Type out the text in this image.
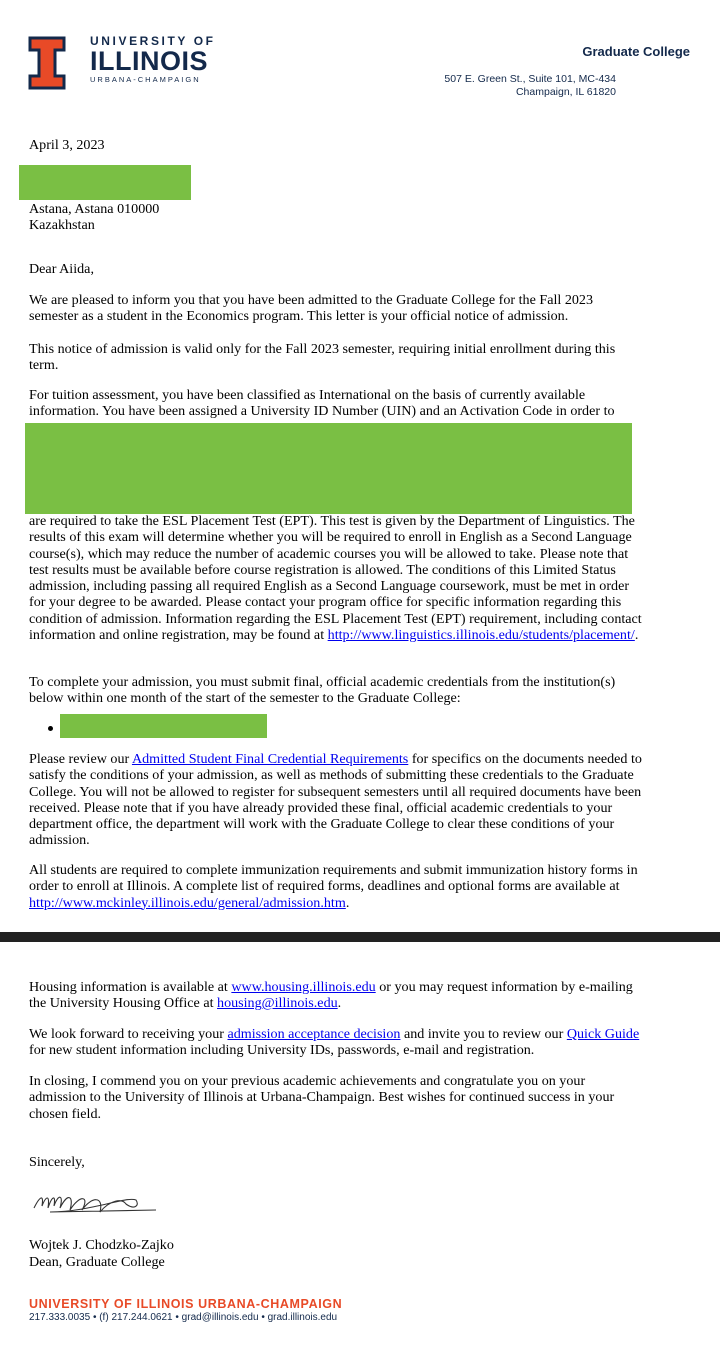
UNIVERSITY OF
ILLINOIS
URBANA-CHAMPAIGN
Graduate College
507 E. Green St., Suite 101, MC-434
Champaign, IL 61820
April 3, 2023
Astana, Astana 010000
Kazakhstan
Dear Aiida,
We are pleased to inform you that you have been admitted to the Graduate College for the Fall 2023 semester as a student in the Economics program. This letter is your official notice of admission.
This notice of admission is valid only for the Fall 2023 semester, requiring initial enrollment during this term.
For tuition assessment, you have been classified as International on the basis of currently available
information. You have been assigned a University ID Number (UIN) and an Activation Code in order to
are required to take the ESL Placement Test (EPT). This test is given by the Department of Linguistics. The results of this exam will determine whether you will be required to enroll in English as a Second Language course(s), which may reduce the number of academic courses you will be allowed to take. Please note that test results must be available before course registration is allowed. The conditions of this Limited Status admission, including passing all required English as a Second Language coursework, must be met in order for your degree to be awarded. Please contact your program office for specific information regarding this condition of admission. Information regarding the ESL Placement Test (EPT) requirement, including contact information and online registration, may be found at http://www.linguistics.illinois.edu/students/placement/.
To complete your admission, you must submit final, official academic credentials from the institution(s) below within one month of the start of the semester to the Graduate College:
Please review our Admitted Student Final Credential Requirements for specifics on the documents needed to satisfy the conditions of your admission, as well as methods of submitting these credentials to the Graduate College. You will not be allowed to register for subsequent semesters until all required documents have been received. Please note that if you have already provided these final, official academic credentials to your department office, the department will work with the Graduate College to clear these conditions of your admission.
All students are required to complete immunization requirements and submit immunization history forms in order to enroll at Illinois. A complete list of required forms, deadlines and optional forms are available at http://www.mckinley.illinois.edu/general/admission.htm.
Housing information is available at www.housing.illinois.edu or you may request information by e-mailing the University Housing Office at housing@illinois.edu.
We look forward to receiving your admission acceptance decision and invite you to review our Quick Guide for new student information including University IDs, passwords, e-mail and registration.
In closing, I commend you on your previous academic achievements and congratulate you on your admission to the University of Illinois at Urbana-Champaign. Best wishes for continued success in your chosen field.
Sincerely,
Wojtek J. Chodzko-Zajko
Dean, Graduate College
UNIVERSITY OF ILLINOIS URBANA-CHAMPAIGN
217.333.0035 • (f) 217.244.0621 • grad@illinois.edu • grad.illinois.edu
